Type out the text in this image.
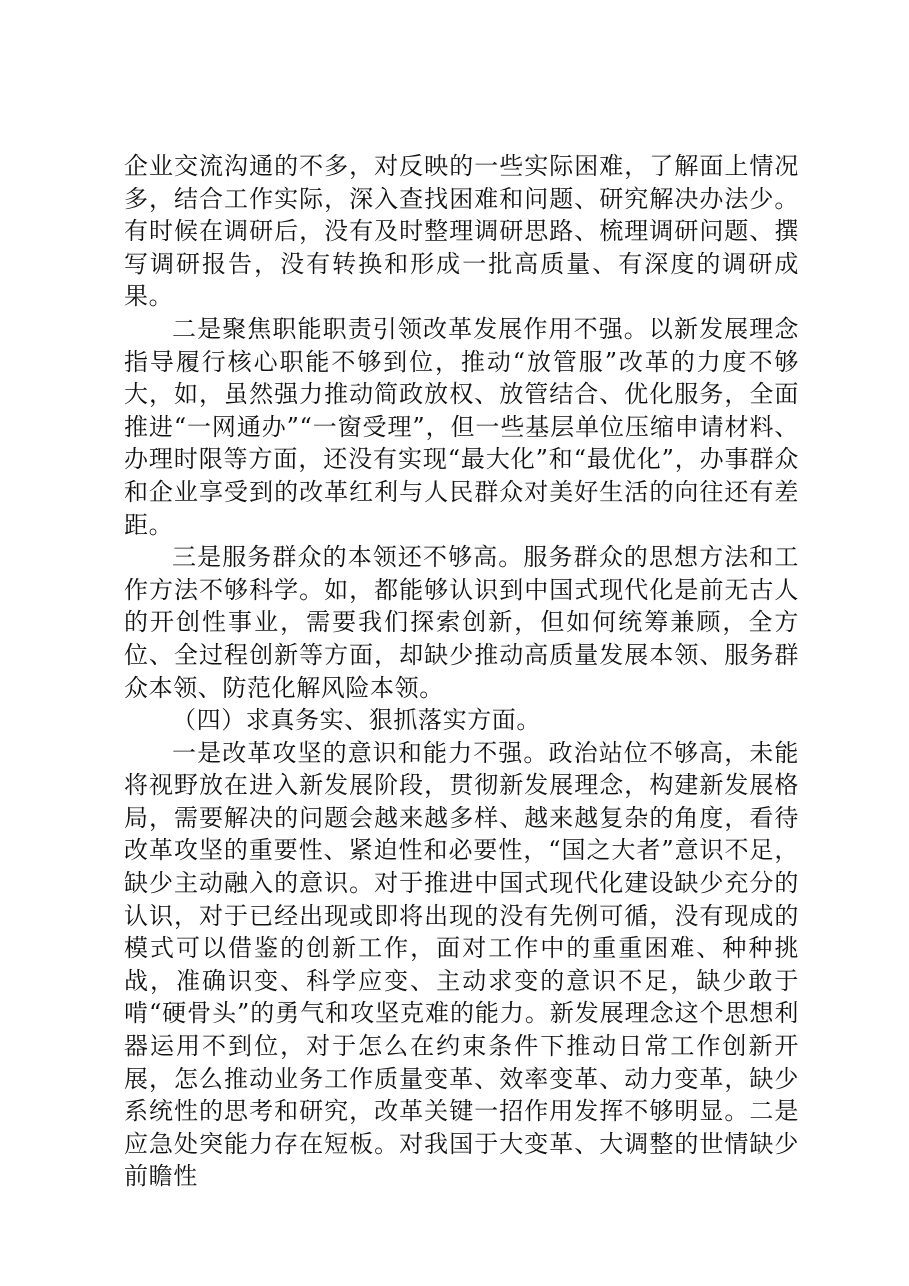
企业交流沟通的不多，对反映的一些实际困难，了解面上情况多，结合工作实际，深入查找困难和问题、研究解决办法少。有时候在调研后，没有及时整理调研思路、梳理调研问题、撰写调研报告，没有转换和形成一批高质量、有深度的调研成果。

二是聚焦职能职责引领改革发展作用不强。以新发展理念指导履行核心职能不够到位，推动“放管服”改革的力度不够大，如，虽然强力推动简政放权、放管结合、优化服务，全面推进“一网通办”“一窗受理”，但一些基层单位压缩申请材料、办理时限等方面，还没有实现“最大化”和“最优化”，办事群众和企业享受到的改革红利与人民群众对美好生活的向往还有差距。

三是服务群众的本领还不够高。服务群众的思想方法和工作方法不够科学。如，都能够认识到中国式现代化是前无古人的开创性事业，需要我们探索创新，但如何统筹兼顾，全方位、全过程创新等方面，却缺少推动高质量发展本领、服务群众本领、防范化解风险本领。

（四）求真务实、狠抓落实方面。

一是改革攻坚的意识和能力不强。政治站位不够高，未能将视野放在进入新发展阶段，贯彻新发展理念，构建新发展格局，需要解决的问题会越来越多样、越来越复杂的角度，看待改革攻坚的重要性、紧迫性和必要性，“国之大者”意识不足，缺少主动融入的意识。对于推进中国式现代化建设缺少充分的认识，对于已经出现或即将出现的没有先例可循，没有现成的模式可以借鉴的创新工作，面对工作中的重重困难、种种挑战，准确识变、科学应变、主动求变的意识不足，缺少敢于啃“硬骨头”的勇气和攻坚克难的能力。新发展理念这个思想利器运用不到位，对于怎么在约束条件下推动日常工作创新开展，怎么推动业务工作质量变革、效率变革、动力变革，缺少系统性的思考和研究，改革关键一招作用发挥不够明显。二是应急处突能力存在短板。对我国于大变革、大调整的世情缺少前瞻性
